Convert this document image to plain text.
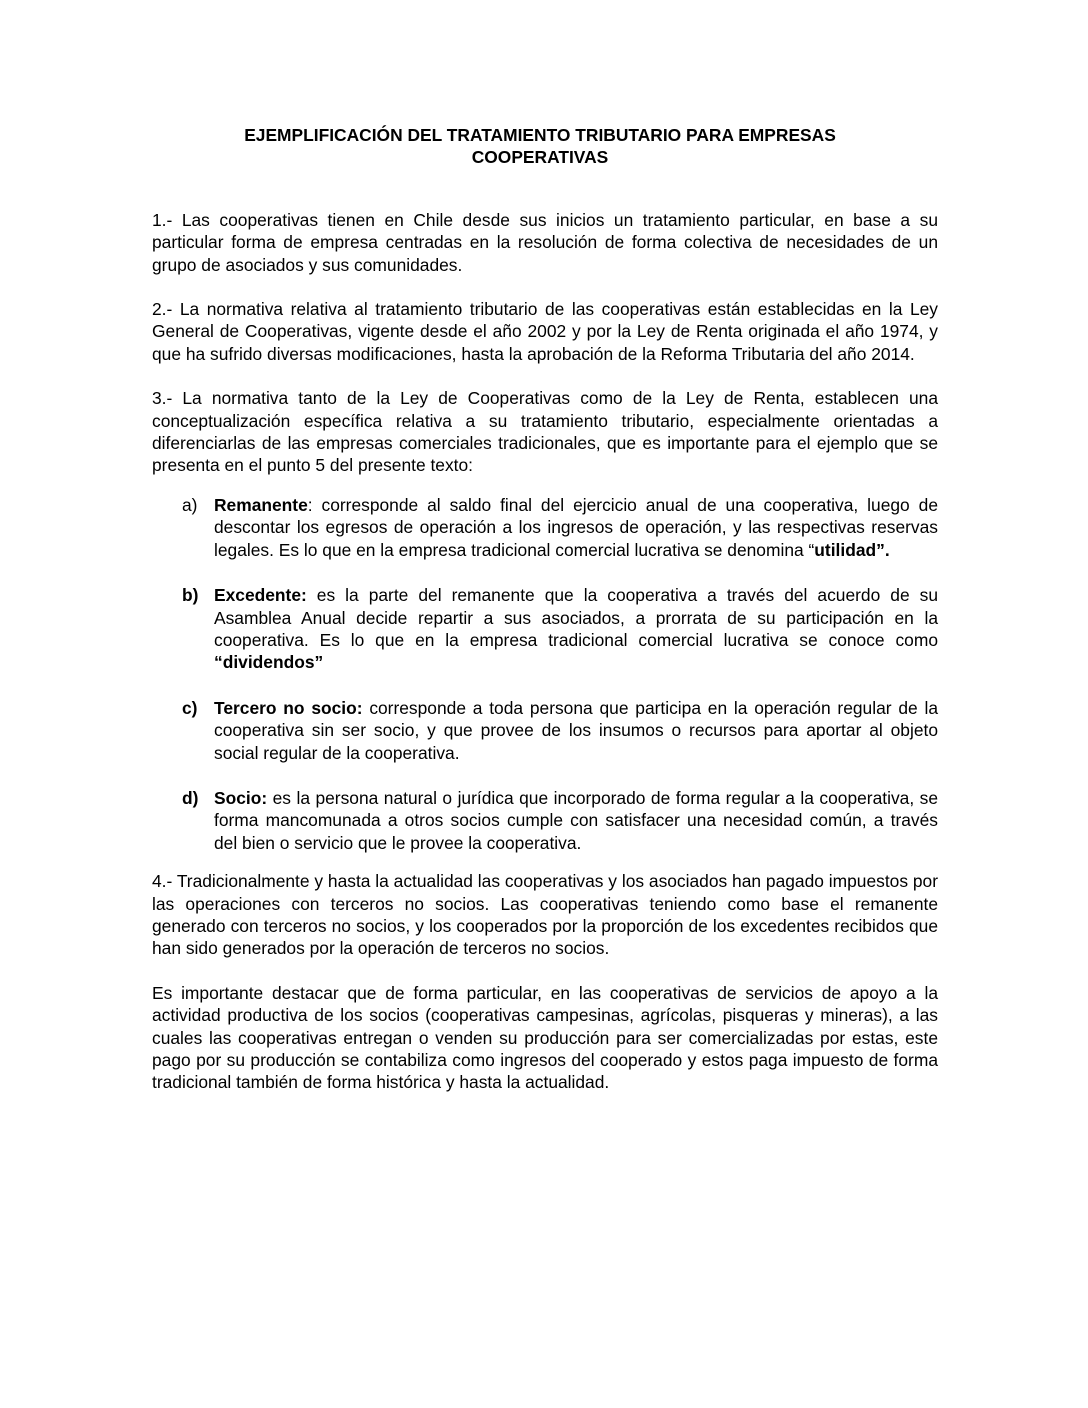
EJEMPLIFICACIÓN DEL TRATAMIENTO TRIBUTARIO PARA EMPRESAS
COOPERATIVAS

1.- Las cooperativas tienen en Chile desde sus inicios un tratamiento particular, en base a su particular forma de empresa centradas en la resolución de forma colectiva de necesidades de un grupo de asociados y sus comunidades.

2.- La normativa relativa al tratamiento tributario de las cooperativas están establecidas en la Ley General de Cooperativas, vigente desde el año 2002 y por la Ley de Renta originada el año 1974, y que ha sufrido diversas modificaciones, hasta la aprobación de la Reforma Tributaria del año 2014.

3.- La normativa tanto de la Ley de Cooperativas como de la Ley de Renta, establecen una conceptualización específica relativa a su tratamiento tributario, especialmente orientadas a diferenciarlas de las empresas comerciales tradicionales, que es importante para el ejemplo que se presenta en el punto 5 del presente texto:

a) Remanente: corresponde al saldo final del ejercicio anual de una cooperativa, luego de descontar los egresos de operación a los ingresos de operación, y las respectivas reservas legales. Es lo que en la empresa tradicional comercial lucrativa se denomina “utilidad”.
b) Excedente: es la parte del remanente que la cooperativa a través del acuerdo de su Asamblea Anual decide repartir a sus asociados, a prorrata de su participación en la cooperativa. Es lo que en la empresa tradicional comercial lucrativa se conoce como “dividendos”
c) Tercero no socio: corresponde a toda persona que participa en la operación regular de la cooperativa sin ser socio, y que provee de los insumos o recursos para aportar al objeto social regular de la cooperativa.
d) Socio: es la persona natural o jurídica que incorporado de forma regular a la cooperativa, se forma mancomunada a otros socios cumple con satisfacer una necesidad común, a través del bien o servicio que le provee la cooperativa.

4.- Tradicionalmente y hasta la actualidad las cooperativas y los asociados han pagado impuestos por las operaciones con terceros no socios. Las cooperativas teniendo como base el remanente generado con terceros no socios, y los cooperados por la proporción de los excedentes recibidos que han sido generados por la operación de terceros no socios.

Es importante destacar que de forma particular, en las cooperativas de servicios de apoyo a la actividad productiva de los socios (cooperativas campesinas, agrícolas, pisqueras y mineras), a las cuales las cooperativas entregan o venden su producción para ser comercializadas por estas, este pago por su producción se contabiliza como ingresos del cooperado y estos paga impuesto de forma tradicional también de forma histórica y hasta la actualidad.
